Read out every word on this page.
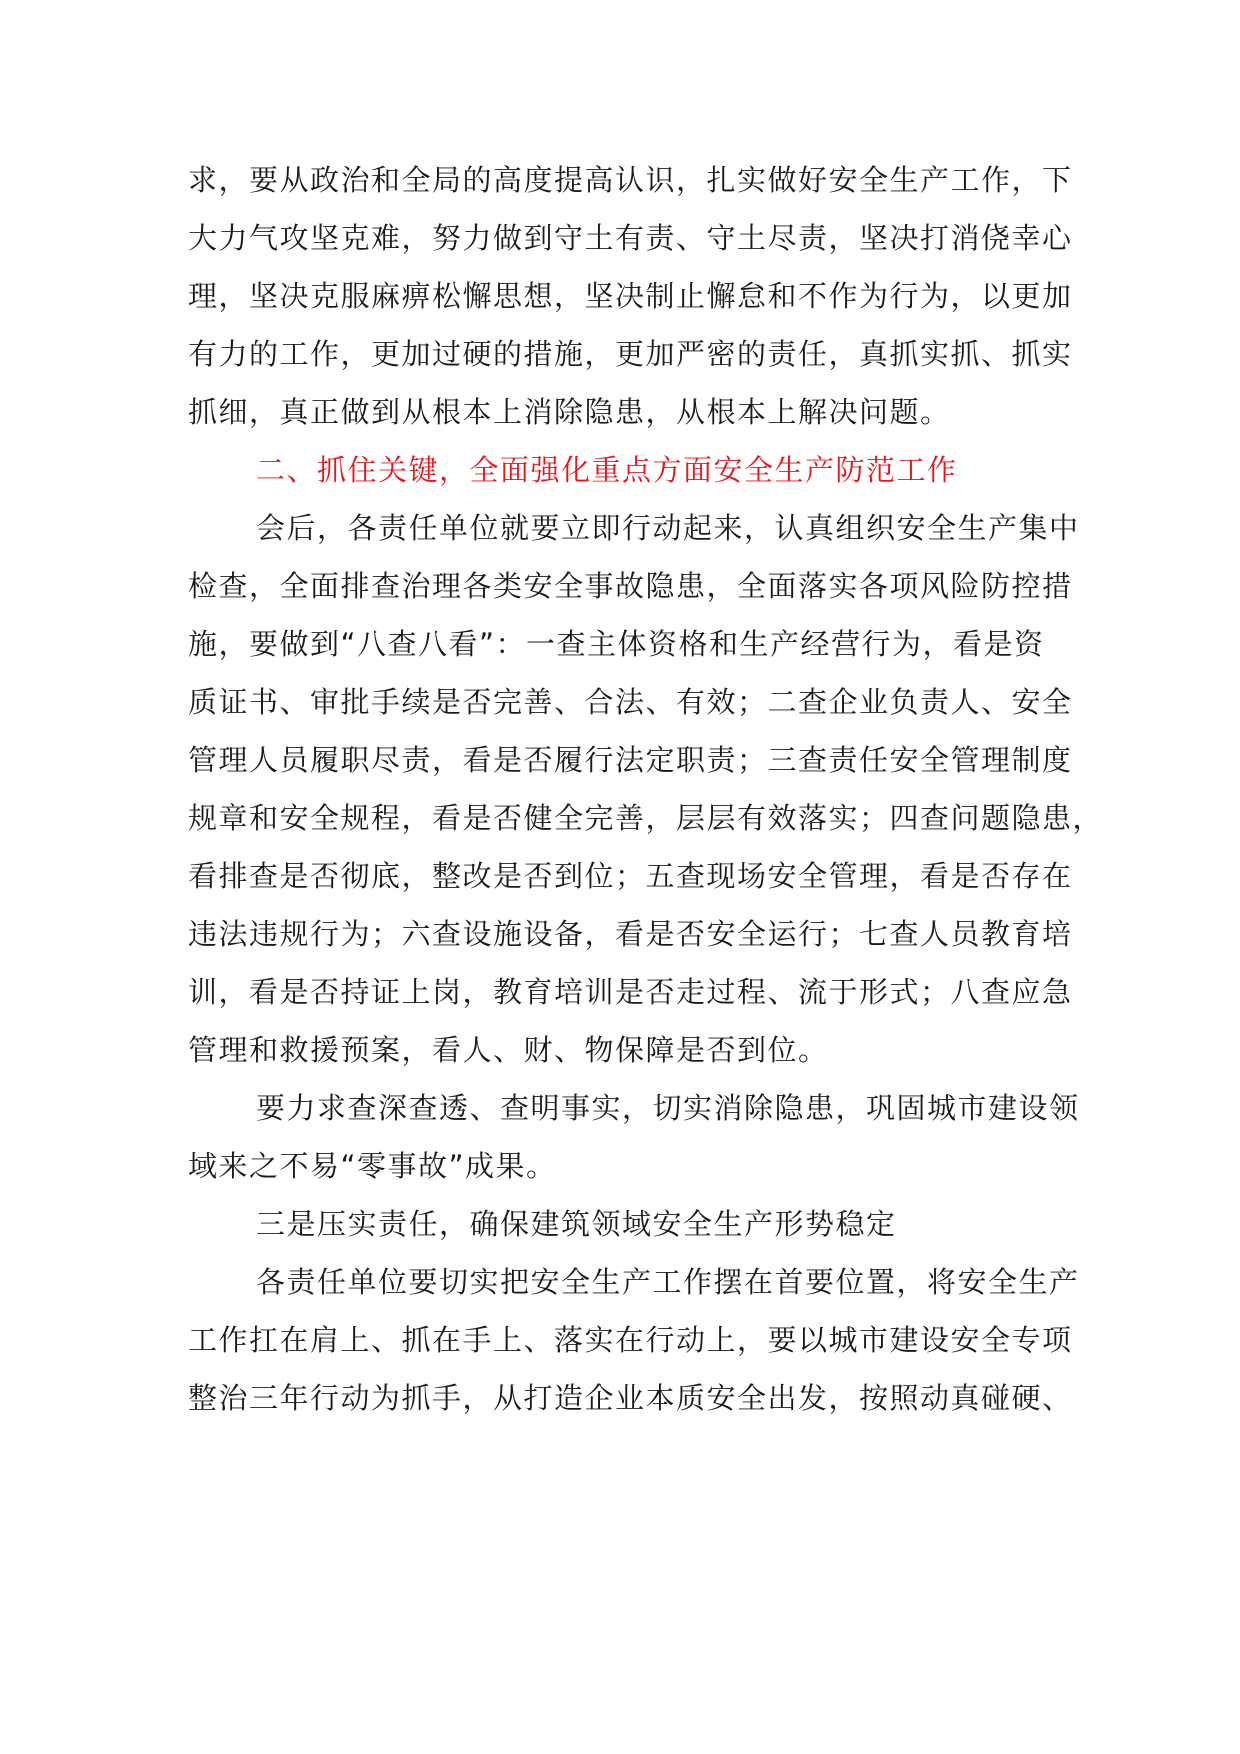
求，要从政治和全局的高度提高认识，扎实做好安全生产工作，下
大力气攻坚克难，努力做到守土有责、守土尽责，坚决打消侥幸心
理，坚决克服麻痹松懈思想，坚决制止懈怠和不作为行为，以更加
有力的工作，更加过硬的措施，更加严密的责任，真抓实抓、抓实
抓细，真正做到从根本上消除隐患，从根本上解决问题。
二、抓住关键，全面强化重点方面安全生产防范工作
会后，各责任单位就要立即行动起来，认真组织安全生产集中
检查，全面排查治理各类安全事故隐患，全面落实各项风险防控措
施，要做到“八查八看”：一查主体资格和生产经营行为，看是资
质证书、审批手续是否完善、合法、有效；二查企业负责人、安全
管理人员履职尽责，看是否履行法定职责；三查责任安全管理制度
规章和安全规程，看是否健全完善，层层有效落实；四查问题隐患，
看排查是否彻底，整改是否到位；五查现场安全管理，看是否存在
违法违规行为；六查设施设备，看是否安全运行；七查人员教育培
训，看是否持证上岗，教育培训是否走过程、流于形式；八查应急
管理和救援预案，看人、财、物保障是否到位。
要力求查深查透、查明事实，切实消除隐患，巩固城市建设领
域来之不易“零事故”成果。
三是压实责任，确保建筑领域安全生产形势稳定
各责任单位要切实把安全生产工作摆在首要位置，将安全生产
工作扛在肩上、抓在手上、落实在行动上，要以城市建设安全专项
整治三年行动为抓手，从打造企业本质安全出发，按照动真碰硬、
